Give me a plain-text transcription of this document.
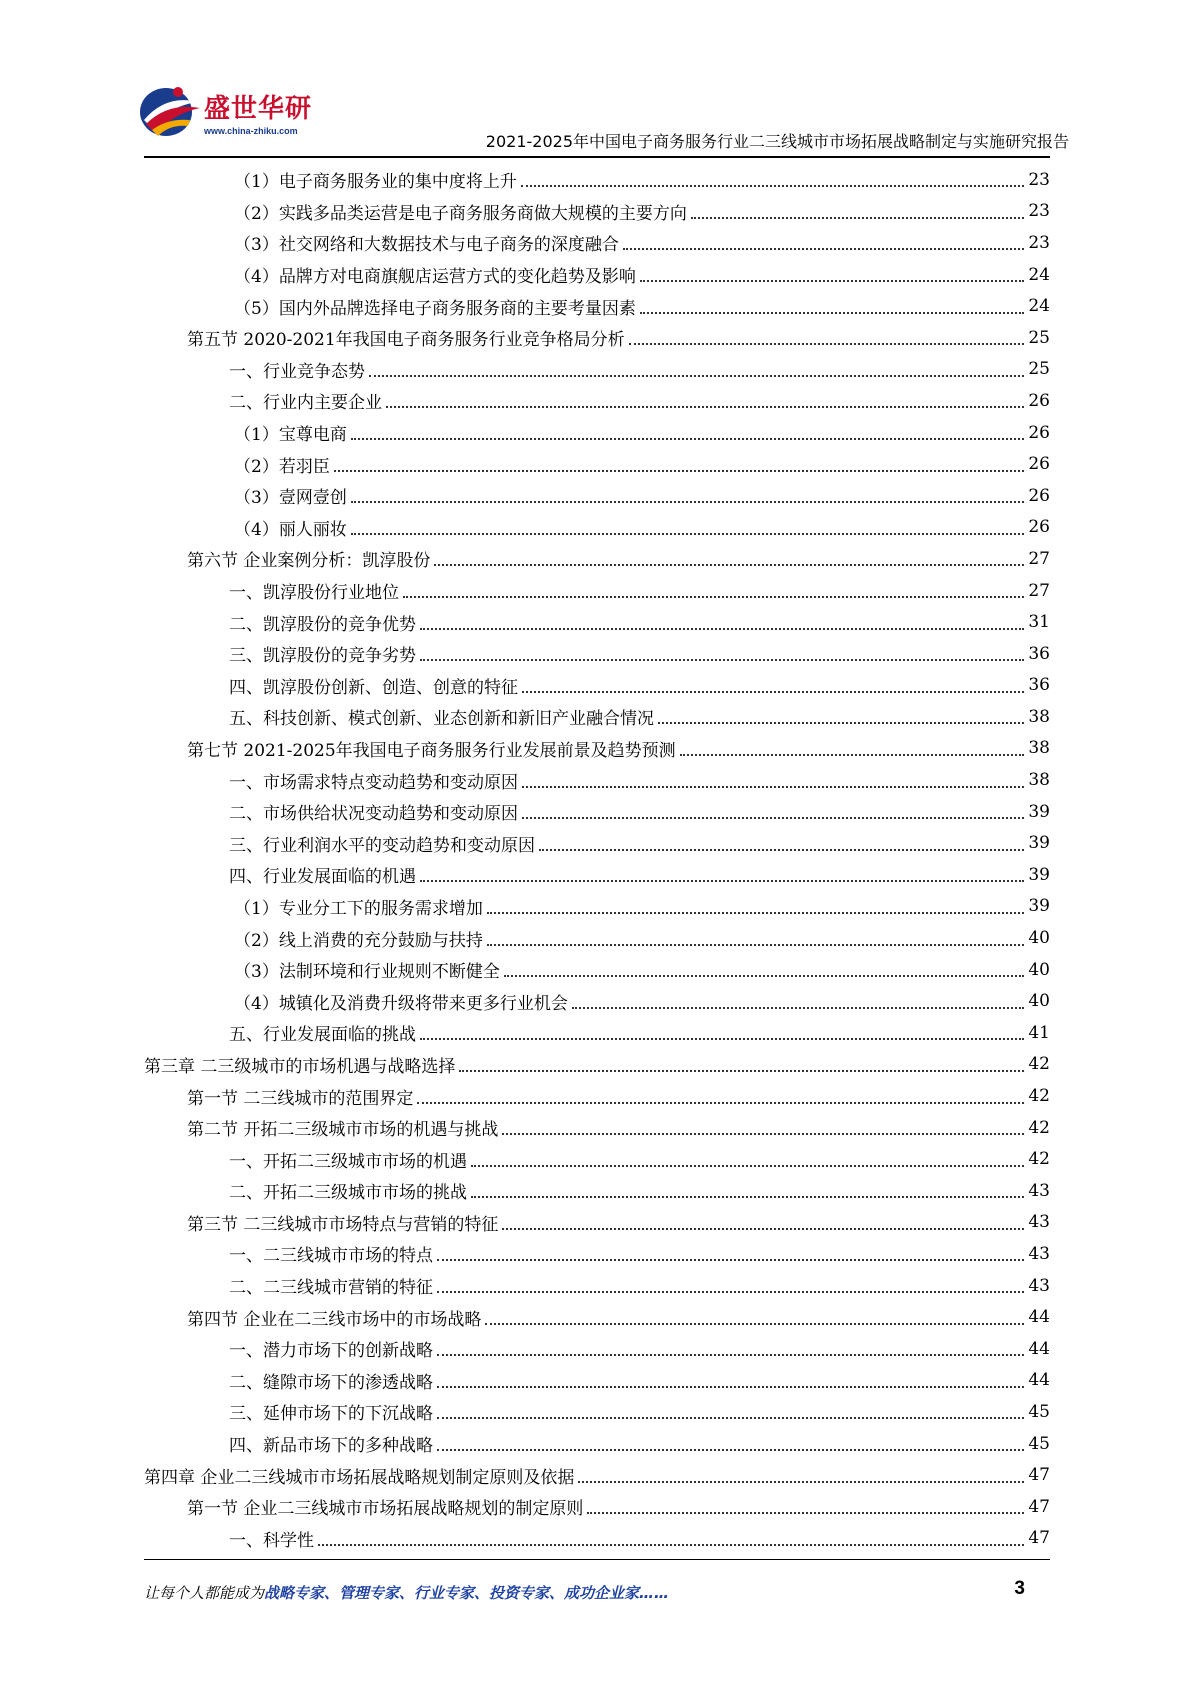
盛世华研
www.china-zhiku.com
2021-2025年中国电子商务服务行业二三线城市市场拓展战略制定与实施研究报告
（1）电子商务服务业的集中度将上升	23
（2）实践多品类运营是电子商务服务商做大规模的主要方向	23
（3）社交网络和大数据技术与电子商务的深度融合	23
（4）品牌方对电商旗舰店运营方式的变化趋势及影响	24
（5）国内外品牌选择电子商务服务商的主要考量因素	24
第五节 2020-2021年我国电子商务服务行业竞争格局分析	25
一、行业竞争态势	25
二、行业内主要企业	26
（1）宝尊电商	26
（2）若羽臣	26
（3）壹网壹创	26
（4）丽人丽妆	26
第六节 企业案例分析：凯淳股份	27
一、凯淳股份行业地位	27
二、凯淳股份的竞争优势	31
三、凯淳股份的竞争劣势	36
四、凯淳股份创新、创造、创意的特征	36
五、科技创新、模式创新、业态创新和新旧产业融合情况	38
第七节 2021-2025年我国电子商务服务行业发展前景及趋势预测	38
一、市场需求特点变动趋势和变动原因	38
二、市场供给状况变动趋势和变动原因	39
三、行业利润水平的变动趋势和变动原因	39
四、行业发展面临的机遇	39
（1）专业分工下的服务需求增加	39
（2）线上消费的充分鼓励与扶持	40
（3）法制环境和行业规则不断健全	40
（4）城镇化及消费升级将带来更多行业机会	40
五、行业发展面临的挑战	41
第三章 二三级城市的市场机遇与战略选择	42
第一节 二三线城市的范围界定	42
第二节 开拓二三级城市市场的机遇与挑战	42
一、开拓二三级城市市场的机遇	42
二、开拓二三级城市市场的挑战	43
第三节 二三线城市市场特点与营销的特征	43
一、二三线城市市场的特点	43
二、二三线城市营销的特征	43
第四节 企业在二三线市场中的市场战略	44
一、潜力市场下的创新战略	44
二、缝隙市场下的渗透战略	44
三、延伸市场下的下沉战略	45
四、新品市场下的多种战略	45
第四章 企业二三线城市市场拓展战略规划制定原则及依据	47
第一节 企业二三线城市市场拓展战略规划的制定原则	47
一、科学性	47
让每个人都能成为战略专家、管理专家、行业专家、投资专家、成功企业家……	3
